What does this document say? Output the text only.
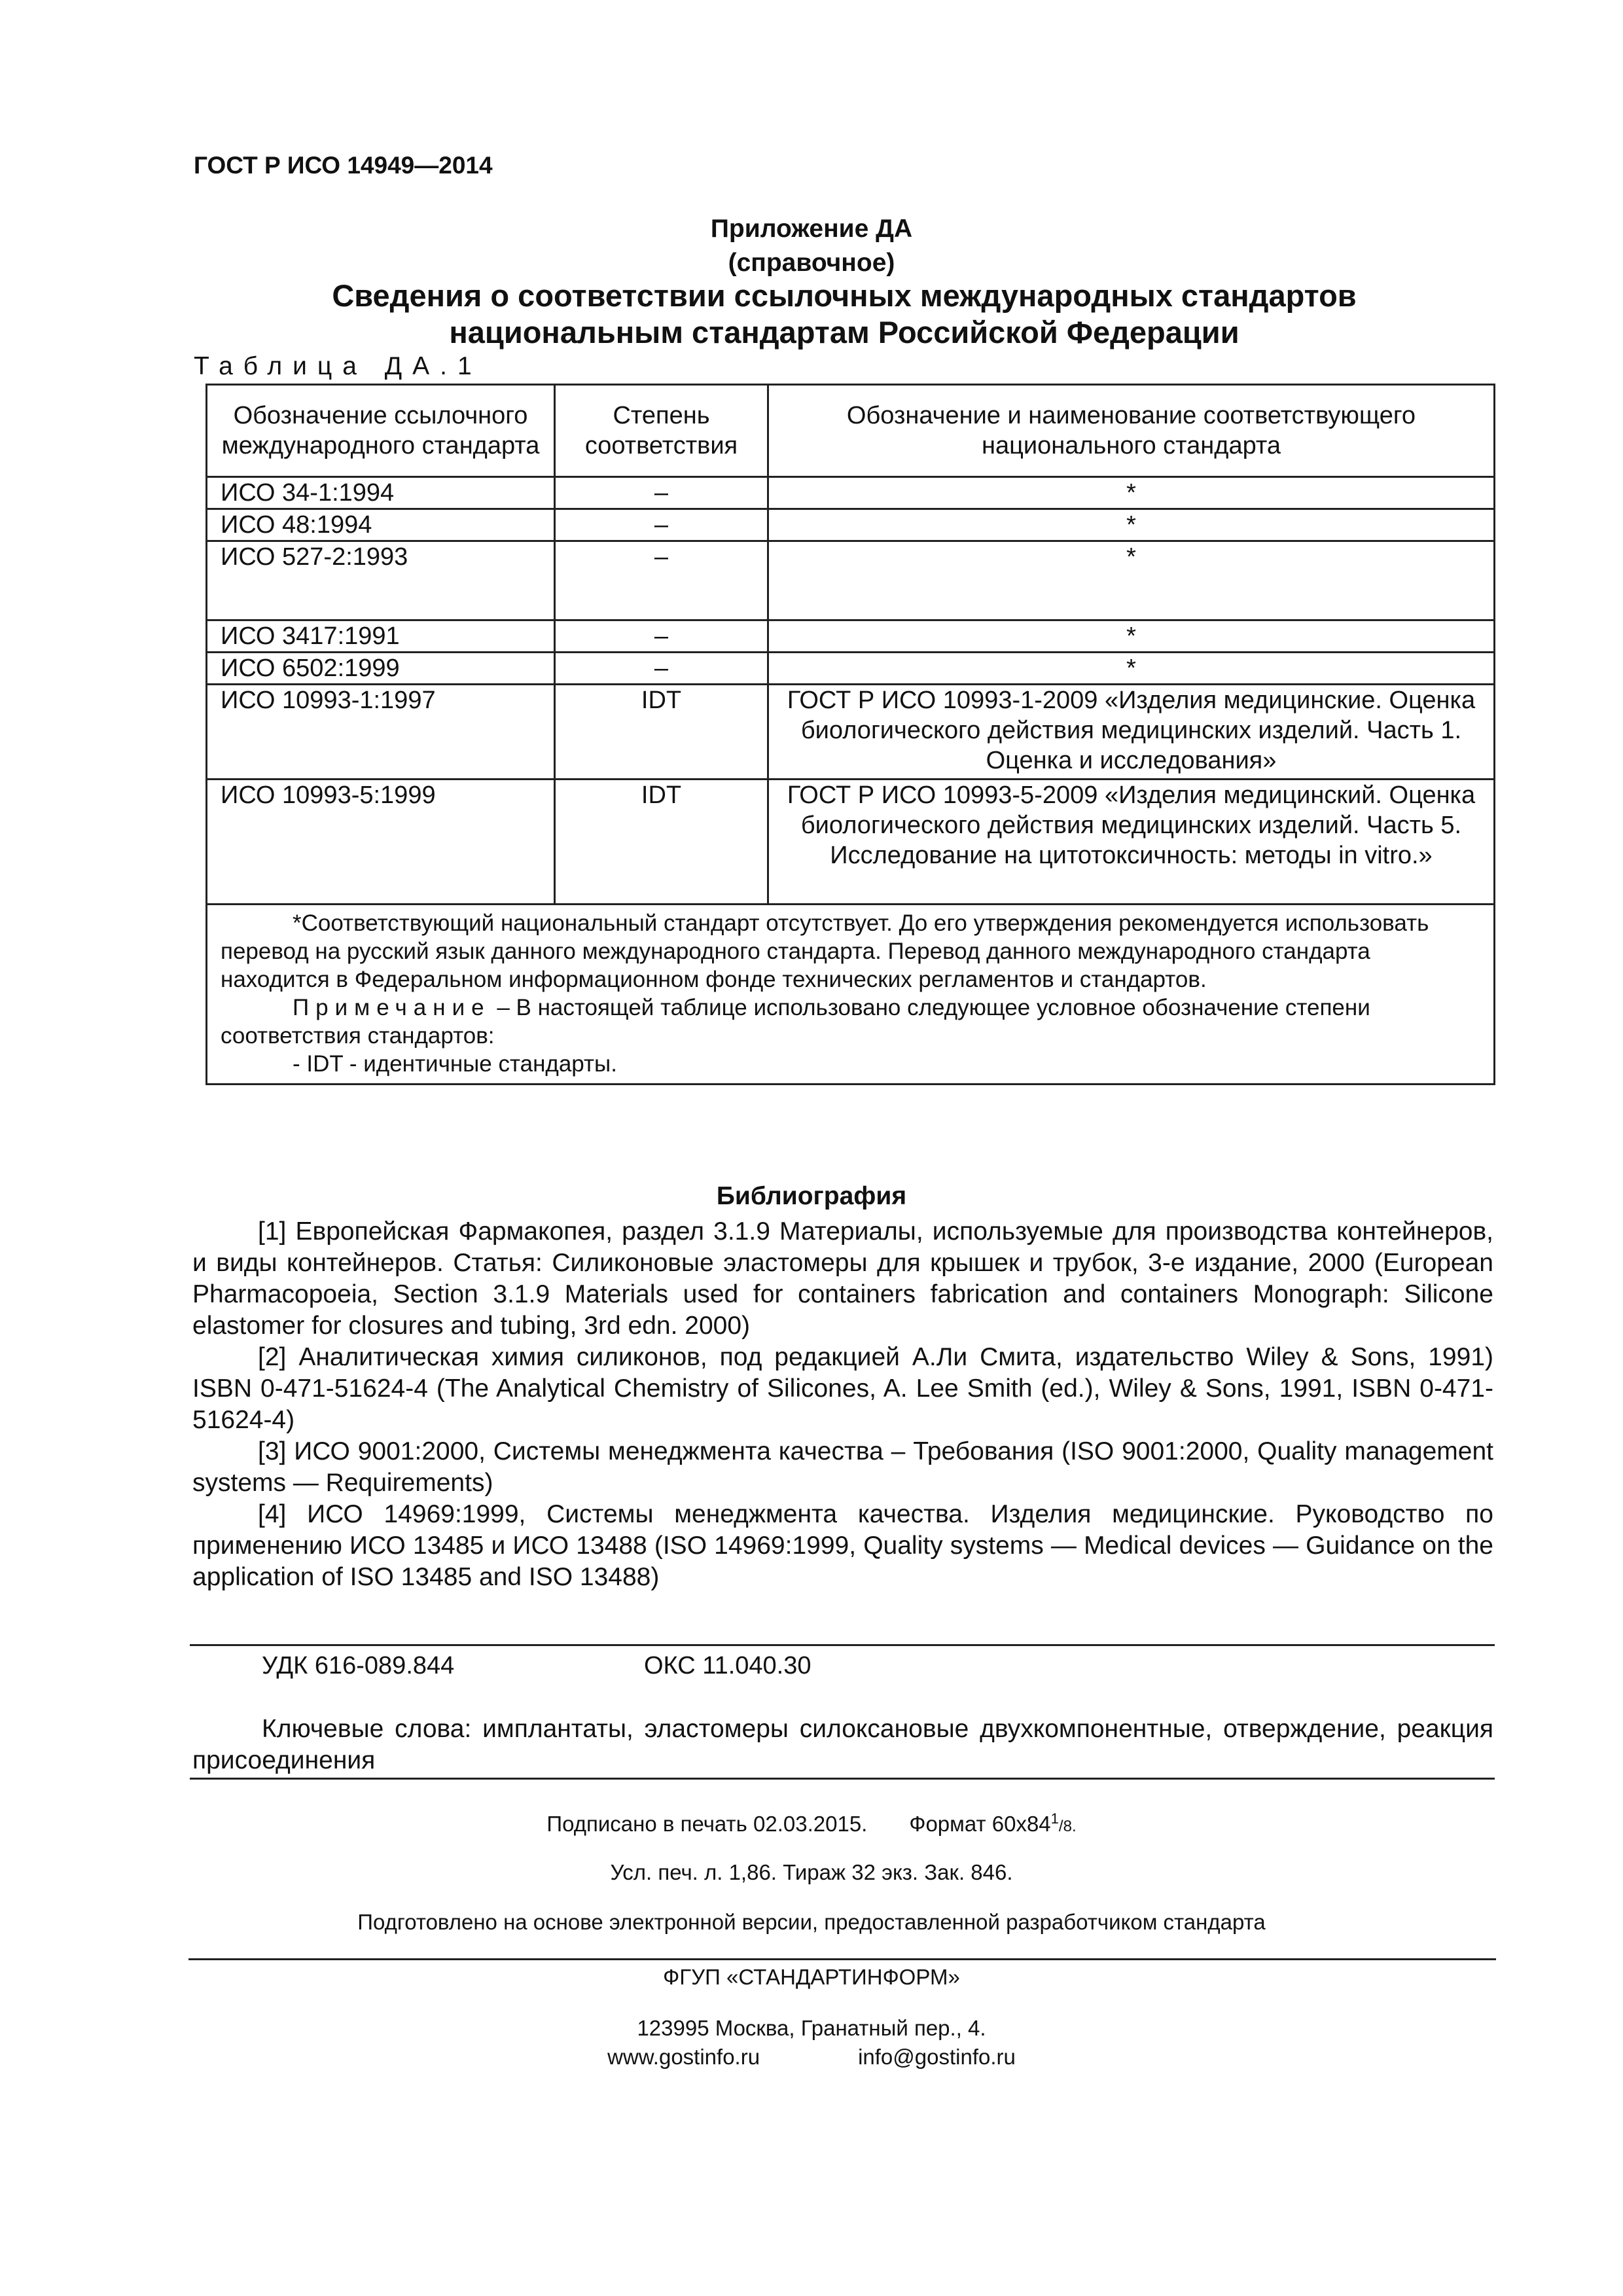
ГОСТ Р ИСО 14949—2014
Приложение ДА
(справочное)
Сведения о соответствии ссылочных международных стандартов
национальным стандартам Российской Федерации
Таблица ДА.1
Обозначение ссылочного международного стандарта	Степень соответствия	Обозначение и наименование соответствующего национального стандарта
ИСО 34-1:1994	–	*
ИСО 48:1994	–	*
ИСО 527-2:1993	–	*
ИСО 3417:1991	–	*
ИСО 6502:1999	–	*
ИСО 10993-1:1997	IDT	ГОСТ Р ИСО 10993-1-2009 «Изделия медицинские. Оценка биологического действия медицинских изделий. Часть 1. Оценка и исследования»
ИСО 10993-5:1999	IDT	ГОСТ Р ИСО 10993-5-2009 «Изделия медицинский. Оценка биологического действия медицинских изделий. Часть 5. Исследование на цитотоксичность: методы in vitro.»

*Соответствующий национальный стандарт отсутствует. До его утверждения рекомендуется использовать перевод на русский язык данного международного стандарта. Перевод данного международного стандарта находится в Федеральном информационном фонде технических регламентов и стандартов.
Примечание – В настоящей таблице использовано следующее условное обозначение степени соответствия стандартов:
- IDT - идентичные стандарты.		
Библиография

[1] Европейская Фармакопея, раздел 3.1.9 Материалы, используемые для производства контейнеров, и виды контейнеров. Статья: Силиконовые эластомеры для крышек и трубок, 3-е издание, 2000 (European Pharmacopoeia, Section 3.1.9 Materials used for containers fabrication and containers Monograph: Silicone elastomer for closures and tubing, 3rd edn. 2000)

[2] Аналитическая химия силиконов, под редакцией А.Ли Смита, издательство Wiley & Sons, 1991) ISBN 0-471-51624-4 (The Analytical Chemistry of Silicones, A. Lee Smith (ed.), Wiley & Sons, 1991, ISBN 0-471-51624-4)

[3] ИСО 9001:2000, Системы менеджмента качества – Требования (ISO 9001:2000, Quality management systems — Requirements)

[4] ИСО 14969:1999, Системы менеджмента качества. Изделия медицинские. Руководство по применению ИСО 13485 и ИСО 13488 (ISO 14969:1999, Quality systems — Medical devices — Guidance on the application of ISO 13485 and ISO 13488)

УДК 616-089.844	ОКС 11.040.30
Ключевые слова: имплантаты, эластомеры силоксановые двухкомпонентные, отверждение, реакция присоединения
Подписано в печать 02.03.2015. Формат $60х84^1/8$.
Усл. печ. л. 1,86. Тираж 32 экз. Зак. 846.
Подготовлено на основе электронной версии, предоставленной разработчиком стандарта
ФГУП «СТАНДАРТИНФОРМ»
123995 Москва, Гранатный пер., 4.
www.gostinfo.ru	info@gostinfo.ru
